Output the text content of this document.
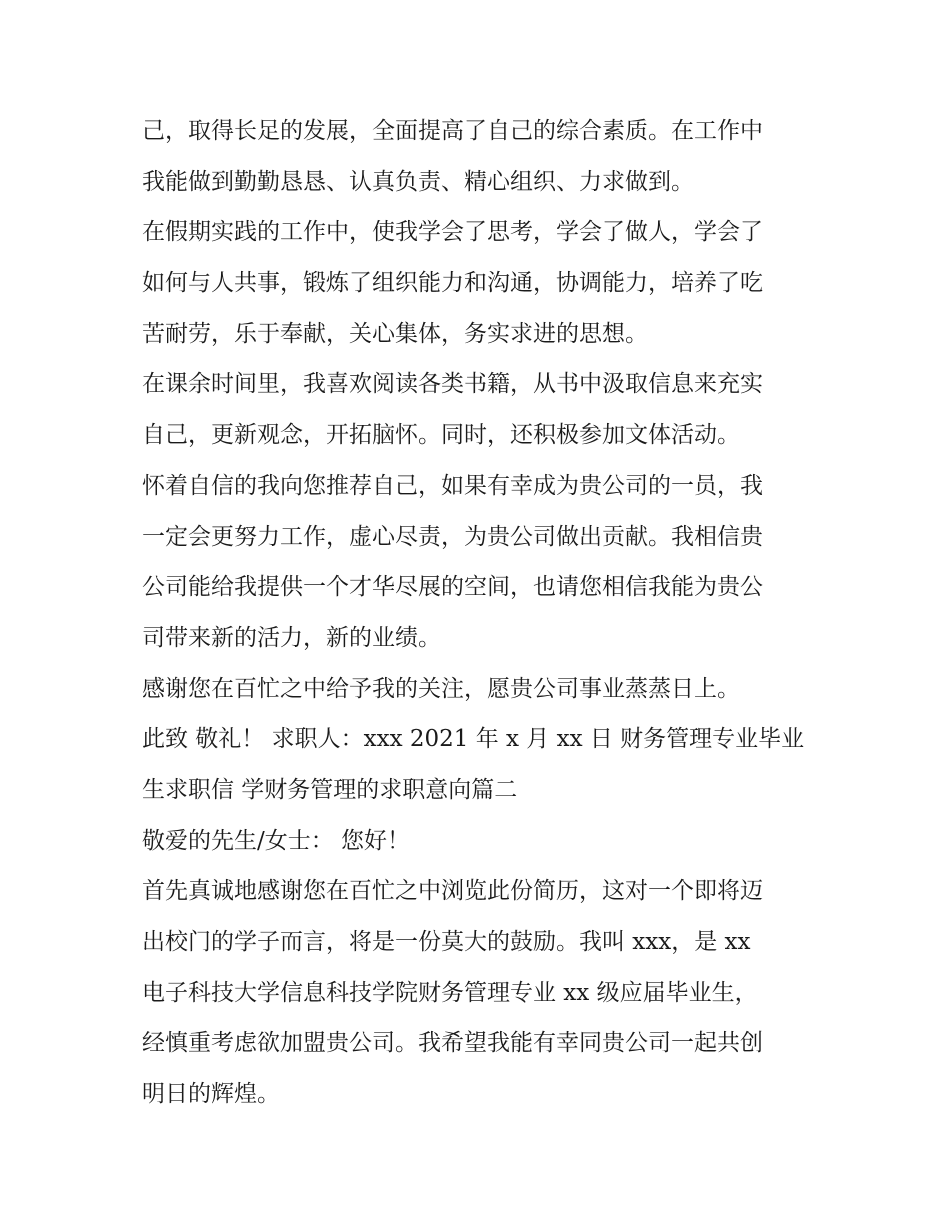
己，取得长足的发展，全面提高了自己的综合素质。在工作中
我能做到勤勤恳恳、认真负责、精心组织、力求做到。
在假期实践的工作中，使我学会了思考，学会了做人，学会了
如何与人共事，锻炼了组织能力和沟通，协调能力，培养了吃
苦耐劳，乐于奉献，关心集体，务实求进的思想。
在课余时间里，我喜欢阅读各类书籍，从书中汲取信息来充实
自己，更新观念，开拓脑怀。同时，还积极参加文体活动。
怀着自信的我向您推荐自己，如果有幸成为贵公司的一员，我
一定会更努力工作，虚心尽责，为贵公司做出贡献。我相信贵
公司能给我提供一个才华尽展的空间，也请您相信我能为贵公
司带来新的活力，新的业绩。
感谢您在百忙之中给予我的关注，愿贵公司事业蒸蒸日上。
此致 敬礼！ 求职人：xxx 2021 年 x 月 xx 日 财务管理专业毕业
生求职信 学财务管理的求职意向篇二
敬爱的先生/女士： 您好！
首先真诚地感谢您在百忙之中浏览此份简历，这对一个即将迈
出校门的学子而言，将是一份莫大的鼓励。我叫 xxx，是 xx
电子科技大学信息科技学院财务管理专业 xx 级应届毕业生，
经慎重考虑欲加盟贵公司。我希望我能有幸同贵公司一起共创
明日的辉煌。
